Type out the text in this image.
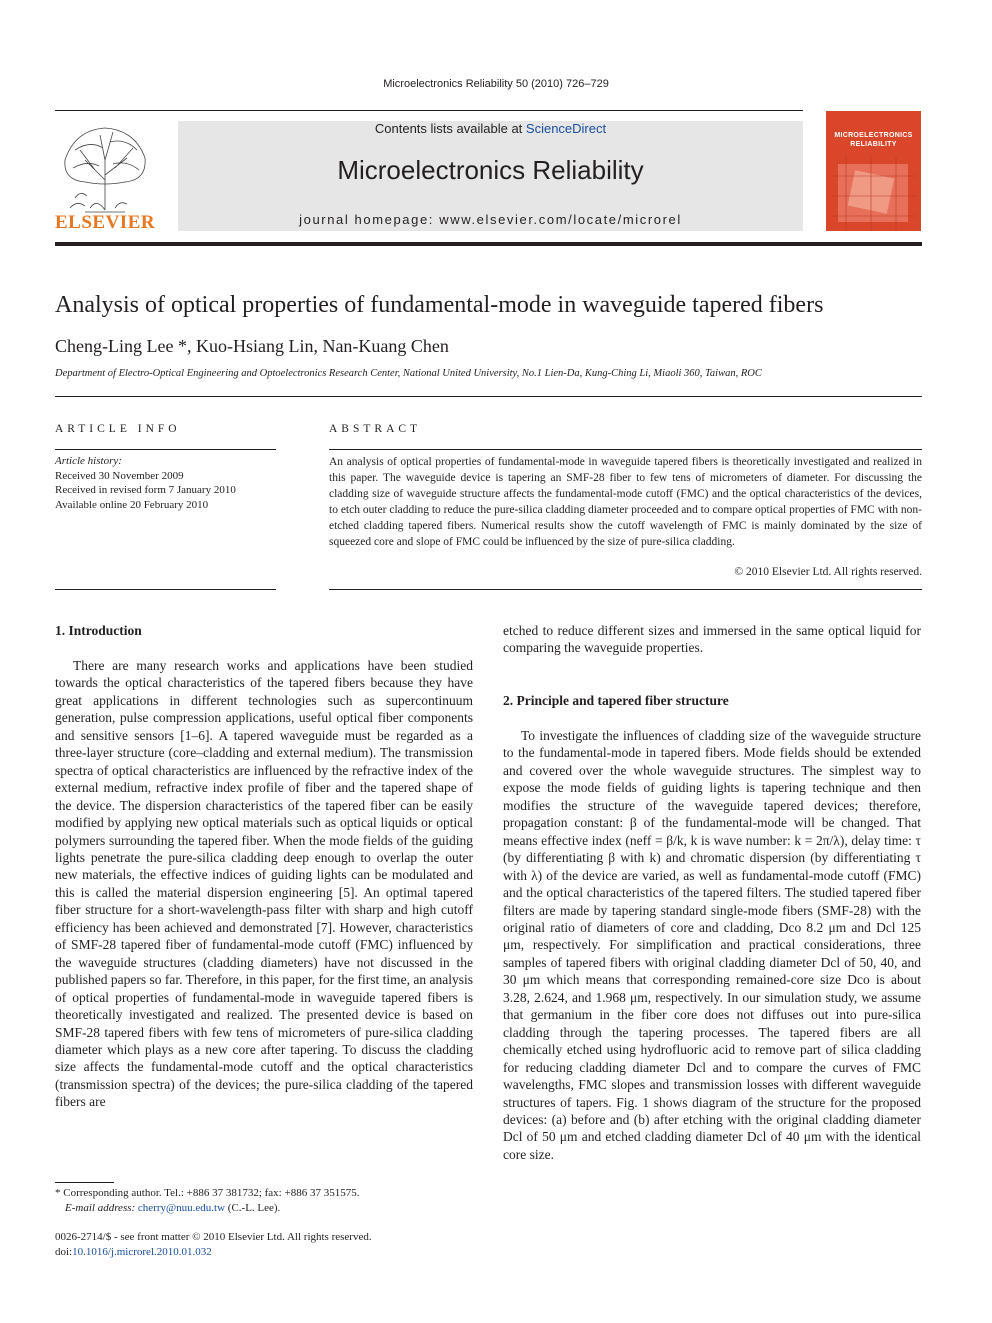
Microelectronics Reliability 50 (2010) 726–729
ELSEVIER
Contents lists available at ScienceDirect
Microelectronics Reliability
journal homepage: www.elsevier.com/locate/microrel
MICROELECTRONICS
RELIABILITY
Analysis of optical properties of fundamental-mode in waveguide tapered fibers
Cheng-Ling Lee *, Kuo-Hsiang Lin, Nan-Kuang Chen
Department of Electro-Optical Engineering and Optoelectronics Research Center, National United University, No.1 Lien-Da, Kung-Ching Li, Miaoli 360, Taiwan, ROC
ARTICLE INFO	ABSTRACT
Article history:
Received 30 November 2009
Received in revised form 7 January 2010
Available online 20 February 2010
An analysis of optical properties of fundamental-mode in waveguide tapered fibers is theoretically investigated and realized in this paper. The waveguide device is tapering an SMF-28 fiber to few tens of micrometers of diameter. For discussing the cladding size of waveguide structure affects the fundamental-mode cutoff (FMC) and the optical characteristics of the devices, to etch outer cladding to reduce the pure-silica cladding diameter proceeded and to compare optical properties of FMC with non-etched cladding tapered fibers. Numerical results show the cutoff wavelength of FMC is mainly dominated by the size of squeezed core and slope of FMC could be influenced by the size of pure-silica cladding.
© 2010 Elsevier Ltd. All rights reserved.
1. Introduction
There are many research works and applications have been studied towards the optical characteristics of the tapered fibers because they have great applications in different technologies such as supercontinuum generation, pulse compression applications, useful optical fiber components and sensitive sensors [1–6]. A tapered waveguide must be regarded as a three-layer structure (core–cladding and external medium). The transmission spectra of optical characteristics are influenced by the refractive index of the external medium, refractive index profile of fiber and the tapered shape of the device. The dispersion characteristics of the tapered fiber can be easily modified by applying new optical materials such as optical liquids or optical polymers surrounding the tapered fiber. When the mode fields of the guiding lights penetrate the pure-silica cladding deep enough to overlap the outer new materials, the effective indices of guiding lights can be modulated and this is called the material dispersion engineering [5]. An optimal tapered fiber structure for a short-wavelength-pass filter with sharp and high cutoff efficiency has been achieved and demonstrated [7]. However, characteristics of SMF-28 tapered fiber of fundamental-mode cutoff (FMC) influenced by the waveguide structures (cladding diameters) have not discussed in the published papers so far. Therefore, in this paper, for the first time, an analysis of optical properties of fundamental-mode in waveguide tapered fibers is theoretically investigated and realized. The presented device is based on SMF-28 tapered fibers with few tens of micrometers of pure-silica cladding diameter which plays as a new core after tapering. To discuss the cladding size affects the fundamental-mode cutoff and the optical characteristics (transmission spectra) of the devices; the pure-silica cladding of the tapered fibers are
etched to reduce different sizes and immersed in the same optical liquid for comparing the waveguide properties.
2. Principle and tapered fiber structure
To investigate the influences of cladding size of the waveguide structure to the fundamental-mode in tapered fibers. Mode fields should be extended and covered over the whole waveguide structures. The simplest way to expose the mode fields of guiding lights is tapering technique and then modifies the structure of the waveguide tapered devices; therefore, propagation constant: β of the fundamental-mode will be changed. That means effective index (neff = β/k, k is wave number: k = 2π/λ), delay time: τ (by differentiating β with k) and chromatic dispersion (by differentiating τ with λ) of the device are varied, as well as fundamental-mode cutoff (FMC) and the optical characteristics of the tapered filters. The studied tapered fiber filters are made by tapering standard single-mode fibers (SMF-28) with the original ratio of diameters of core and cladding, Dco 8.2 μm and Dcl 125 μm, respectively. For simplification and practical considerations, three samples of tapered fibers with original cladding diameter Dcl of 50, 40, and 30 μm which means that corresponding remained-core size Dco is about 3.28, 2.624, and 1.968 μm, respectively. In our simulation study, we assume that germanium in the fiber core does not diffuses out into pure-silica cladding through the tapering processes. The tapered fibers are all chemically etched using hydrofluoric acid to remove part of silica cladding for reducing cladding diameter Dcl and to compare the curves of FMC wavelengths, FMC slopes and transmission losses with different waveguide structures of tapers. Fig. 1 shows diagram of the structure for the proposed devices: (a) before and (b) after etching with the original cladding diameter Dcl of 50 μm and etched cladding diameter Dcl of 40 μm with the identical core size.
* Corresponding author. Tel.: +886 37 381732; fax: +886 37 351575.
E-mail address: cherry@nuu.edu.tw (C.-L. Lee).
0026-2714/$ - see front matter © 2010 Elsevier Ltd. All rights reserved.
doi:10.1016/j.microrel.2010.01.032
